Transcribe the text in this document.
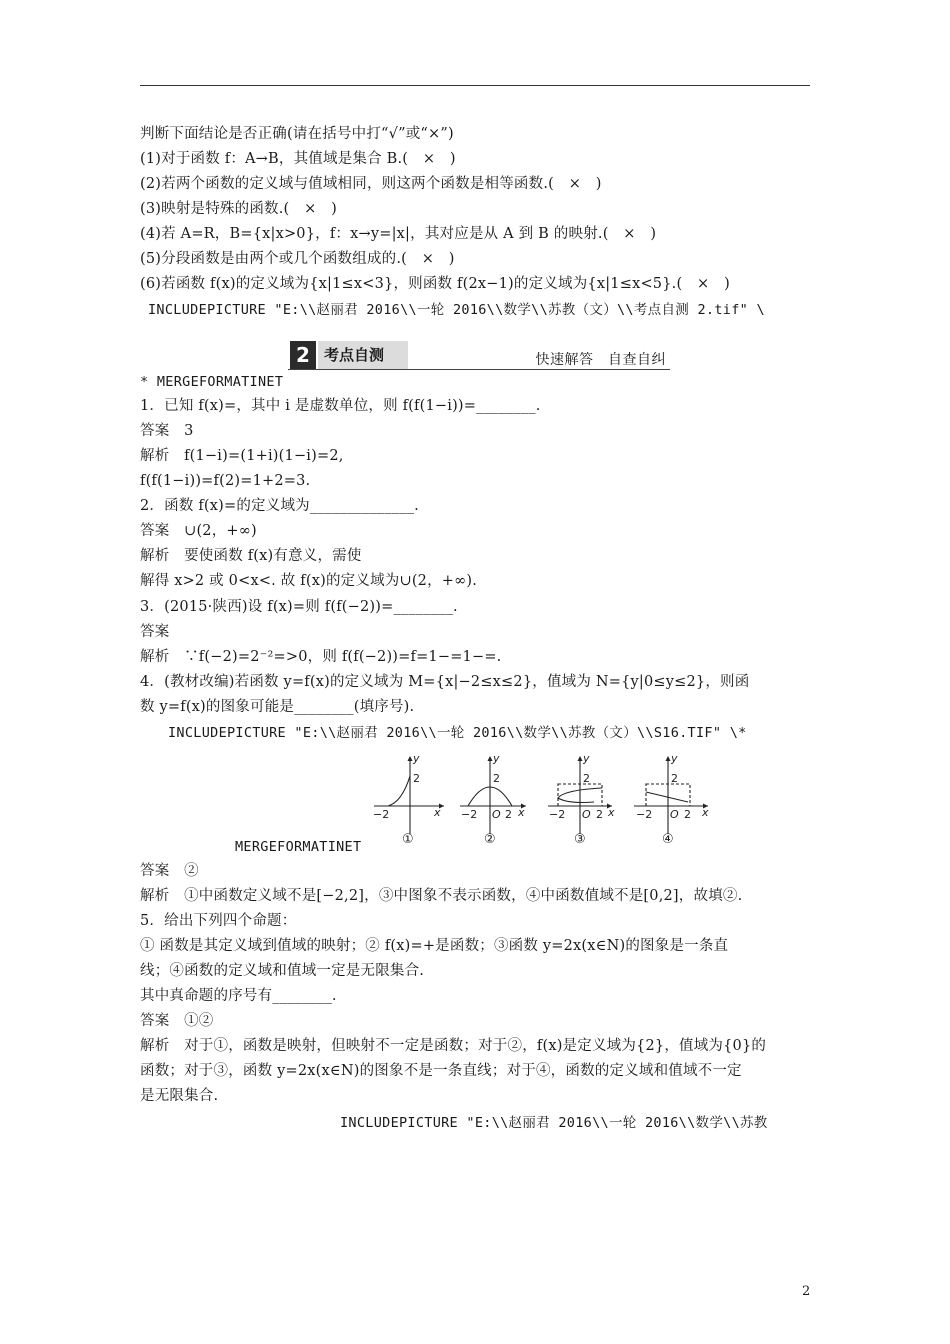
判断下面结论是否正确(请在括号中打“√”或“×”)
(1)对于函数 f：A→B，其值域是集合 B.(　×　)
(2)若两个函数的定义域与值域相同，则这两个函数是相等函数.(　×　)
(3)映射是特殊的函数.(　×　)
(4)若 A=R，B={x|x>0}，f：x→y=|x|，其对应是从 A 到 B 的映射.(　×　)
(5)分段函数是由两个或几个函数组成的.(　×　)
(6)若函数 f(x)的定义域为{x|1≤x<3}，则函数 f(2x−1)的定义域为{x|1≤x<5}.(　×　)
INCLUDEPICTURE "E:\\赵丽君 2016\\一轮 2016\\数学\\苏教（文）\\考点自测 2.tif" \
2 考点自测	快速解答　自查自纠
* MERGEFORMATINET
1．已知 f(x)=，其中 i 是虚数单位，则 f(f(1−i))=________.
答案　3
解析　f(1−i)=(1+i)(1−i)=2,
f(f(1−i))=f(2)=1+2=3.
2．函数 f(x)=的定义域为______________.
答案　∪(2，+∞)
解析　要使函数 f(x)有意义，需使
解得 x>2 或 0<x<. 故 f(x)的定义域为∪(2，+∞).
3．(2015·陕西)设 f(x)=则 f(f(−2))=________.
答案
解析　∵f(−2)=2⁻²=>0，则 f(f(−2))=f=1−=1−=.
4．(教材改编)若函数 y=f(x)的定义域为 M={x|−2≤x≤2}，值域为 N={y|0≤y≤2}，则函
数 y=f(x)的图象可能是________(填序号).
INCLUDEPICTURE "E:\\赵丽君 2016\\一轮 2016\\数学\\苏教（文）\\S16.TIF" \*
y
2
−2	x
①
y
2
−2 O 2 x
②
y
2
−2 O 2 x
③
y
2
−2 O 2 x
④
MERGEFORMATINET
答案　②
解析　①中函数定义域不是[−2,2]，③中图象不表示函数，④中函数值域不是[0,2]，故填②.
5．给出下列四个命题：
① 函数是其定义域到值域的映射；② f(x)=+是函数；③函数 y=2x(x∈N)的图象是一条直
线；④函数的定义域和值域一定是无限集合.
其中真命题的序号有________.
答案　①②
解析　对于①，函数是映射，但映射不一定是函数；对于②，f(x)是定义域为{2}，值域为{0}的
函数；对于③，函数 y=2x(x∈N)的图象不是一条直线；对于④，函数的定义域和值域不一定
是无限集合.
INCLUDEPICTURE "E:\\赵丽君 2016\\一轮 2016\\数学\\苏教
2
